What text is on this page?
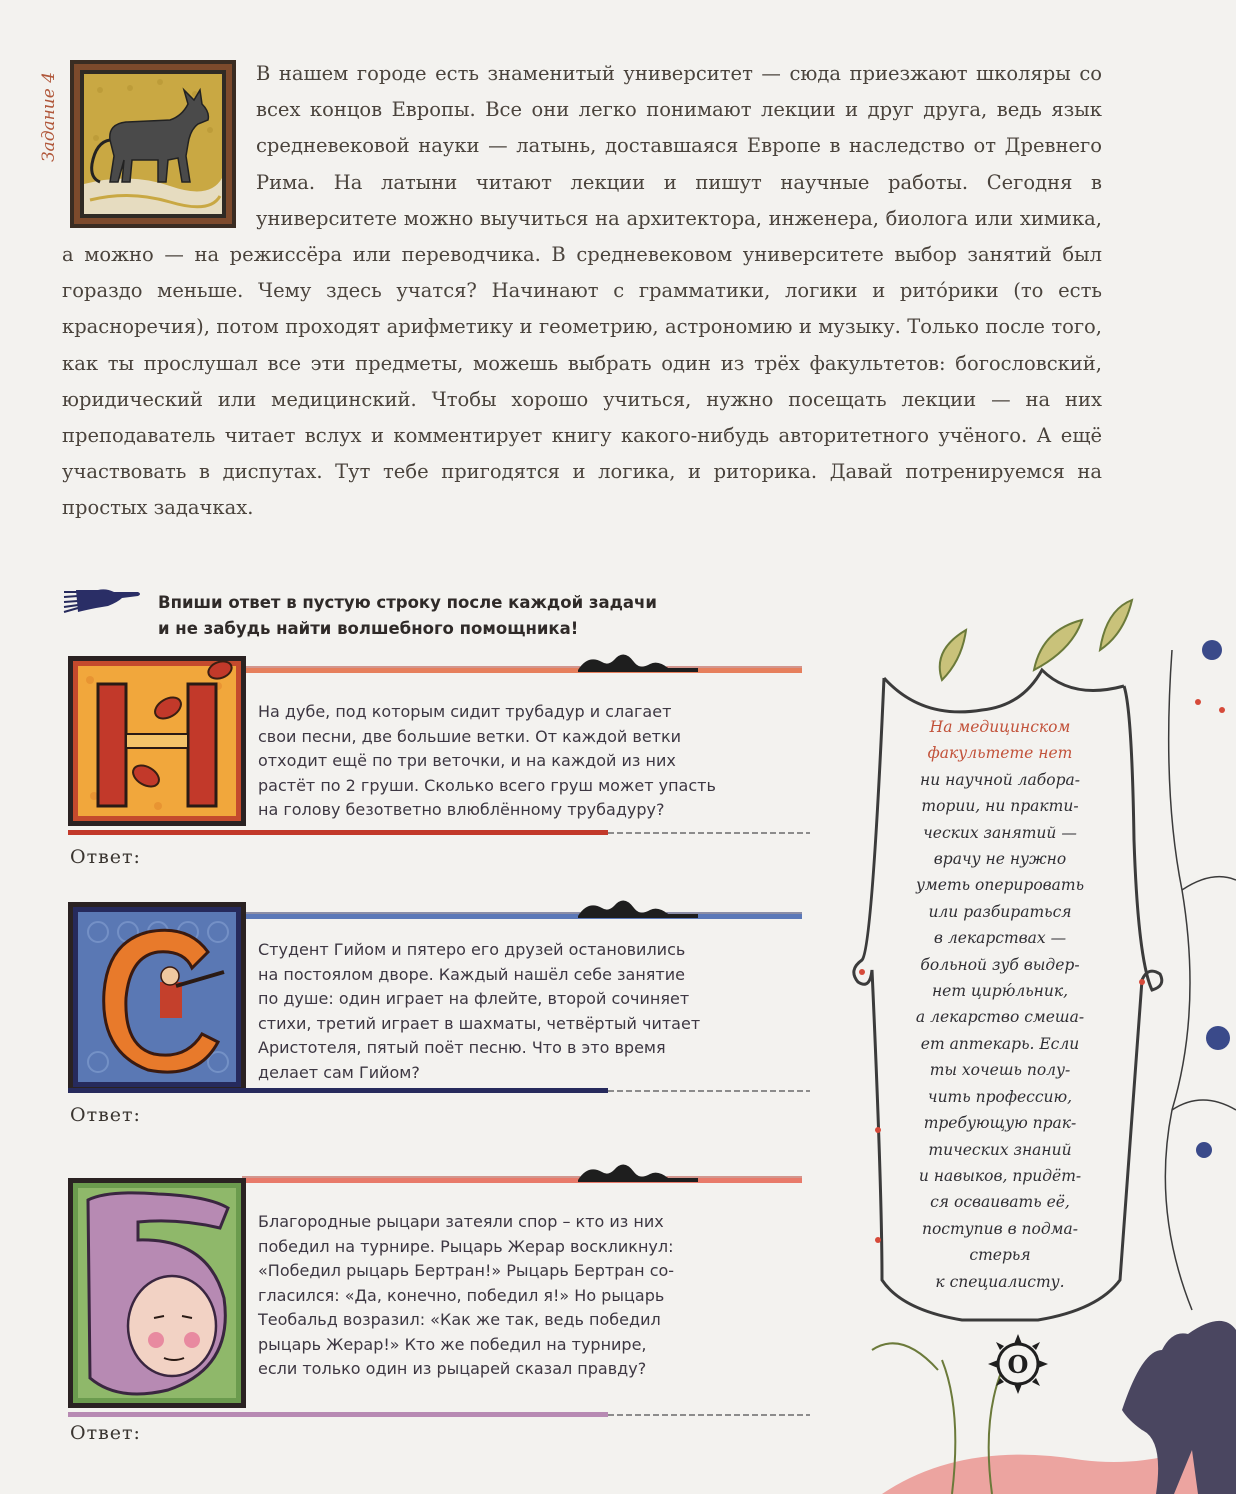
Задание 4	В нашем городе есть знаменитый университет — сюда приезжают школяры со всех концов Европы. Все они легко понимают лекции и друг друга, ведь язык средневековой науки — латынь, доставшаяся Европе в наследство от Древнего Рима. На латыни читают лекции и пишут научные работы. Сегодня в университете можно выучиться на архитектора, инженера, биолога или химика, а можно — на режиссёра или переводчика. В средневековом университете выбор занятий был гораздо меньше. Чему здесь учатся? Начинают с грамматики, логики и рито́рики (то есть красноречия), потом проходят арифметику и геометрию, астрономию и музыку. Только после того, как ты прослушал все эти предметы, можешь выбрать один из трёх факультетов: богословский, юридический или медицинский. Чтобы хорошо учиться, нужно посещать лекции — на них преподаватель читает вслух и комментирует книгу какого-нибудь авторитетного учёного. А ещё участвовать в диспутах. Тут тебе пригодятся и логика, и риторика. Давай потренируемся на простых задачках.
Впиши ответ в пустую строку после каждой задачи
и не забудь найти волшебного помощника!
На дубе, под которым сидит трубадур и слагает
свои песни, две большие ветки. От каждой ветки
отходит ещё по три веточки, и на каждой из них
растёт по 2 груши. Сколько всего груш может упасть
на голову безответно влюблённому трубадуру?
Ответ:
Студент Гийом и пятеро его друзей остановились
на постоялом дворе. Каждый нашёл себе занятие
по душе: один играет на флейте, второй сочиняет
стихи, третий играет в шахматы, четвёртый читает
Аристотеля, пятый поёт песню. Что в это время
делает сам Гийом?
Ответ:
Благородные рыцари затеяли спор – кто из них
победил на турнире. Рыцарь Жерар воскликнул:
«Победил рыцарь Бертран!» Рыцарь Бертран со-
гласился: «Да, конечно, победил я!» Но рыцарь
Теобальд возразил: «Как же так, ведь победил
рыцарь Жерар!» Кто же победил на турнире,
если только один из рыцарей сказал правду?
Ответ:
На медицинском
факультете нет
ни научной лабора-
тории, ни практи-
ческих занятий —
врачу не нужно
уметь оперировать
или разбираться
в лекарствах —
больной зуб выдер-
нет цирю́льник,
а лекарство смеша-
ет аптекарь. Если
ты хочешь полу-
чить профессию,
требующую прак-
тических знаний
и навыков, придёт-
ся осваивать её,
поступив в подма-
стерья
к специалисту.
О
